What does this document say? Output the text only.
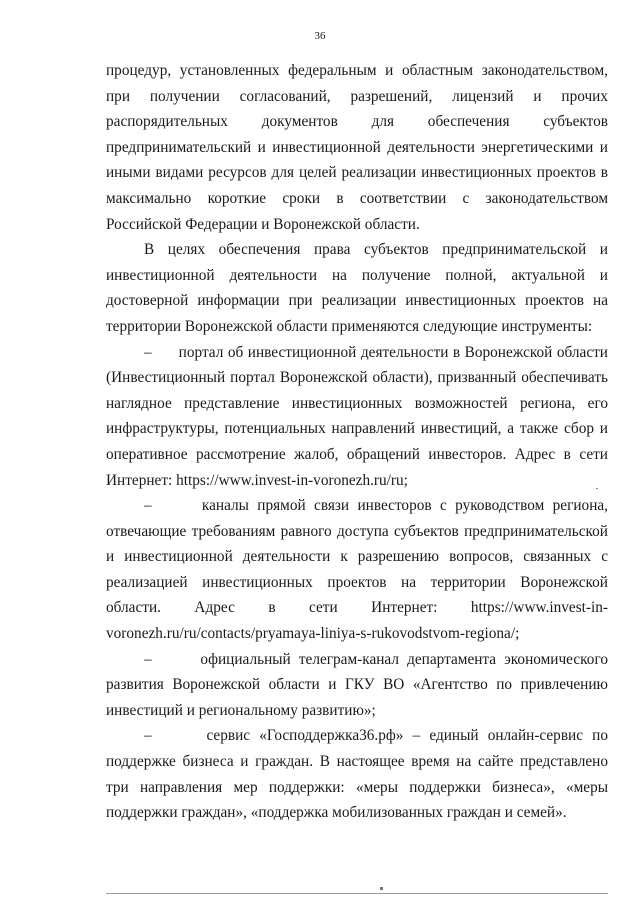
36

процедур, установленных федеральным и областным законодательством, при получении согласований, разрешений, лицензий и прочих распорядительных документов для обеспечения субъектов предпринимательский и инвестиционной деятельности энергетическими и иными видами ресурсов для целей реализации инвестиционных проектов в максимально короткие сроки в соответствии с законодательством Российской Федерации и Воронежской области.

В целях обеспечения права субъектов предпринимательской и инвестиционной деятельности на получение полной, актуальной и достоверной информации при реализации инвестиционных проектов на территории Воронежской области применяются следующие инструменты:

–      портал об инвестиционной деятельности в Воронежской области (Инвестиционный портал Воронежской области), призванный обеспечивать наглядное представление инвестиционных возможностей региона, его инфраструктуры, потенциальных направлений инвестиций, а также сбор и оперативное рассмотрение жалоб, обращений инвесторов. Адрес в сети Интернет: https://www.invest-in-voronezh.ru/ru;

–      каналы прямой связи инвесторов с руководством региона, отвечающие требованиям равного доступа субъектов предпринимательской и инвестиционной деятельности к разрешению вопросов, связанных с реализацией инвестиционных проектов на территории Воронежской области. Адрес в сети Интернет: https://www.invest-in-voronezh.ru/ru/contacts/pryamaya-liniya-s-rukovodstvom-regiona/;

–      официальный телеграм-канал департамента экономического развития Воронежской области и ГКУ ВО «Агентство по привлечению инвестиций и региональному развитию»;

–      сервис «Господдержка36.рф» – единый онлайн-сервис по поддержке бизнеса и граждан. В настоящее время на сайте представлено три направления мер поддержки: «меры поддержки бизнеса», «меры поддержки граждан», «поддержка мобилизованных граждан и семей».
